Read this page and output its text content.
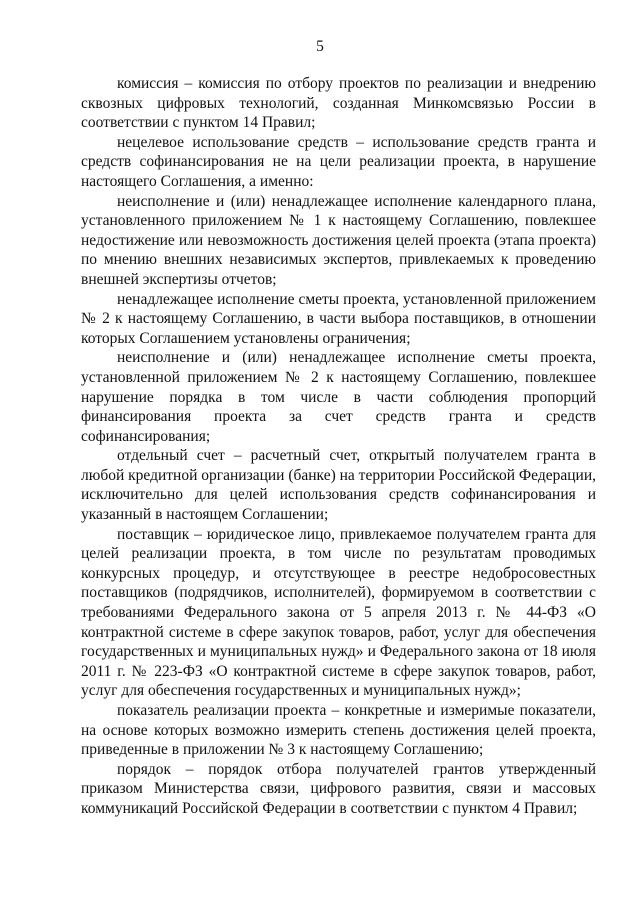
5

комиссия – комиссия по отбору проектов по реализации и внедрению сквозных цифровых технологий, созданная Минкомсвязью России в соответствии с пунктом 14 Правил;

нецелевое использование средств – использование средств гранта и средств софинансирования не на цели реализации проекта, в нарушение настоящего Соглашения, а именно:

неисполнение и (или) ненадлежащее исполнение календарного плана, установленного приложением № 1 к настоящему Соглашению, повлекшее недостижение или невозможность достижения целей проекта (этапа проекта) по мнению внешних независимых экспертов, привлекаемых к проведению внешней экспертизы отчетов;

ненадлежащее исполнение сметы проекта, установленной приложением № 2 к настоящему Соглашению, в части выбора поставщиков, в отношении которых Соглашением установлены ограничения;

неисполнение и (или) ненадлежащее исполнение сметы проекта, установленной приложением № 2 к настоящему Соглашению, повлекшее нарушение порядка в том числе в части соблюдения пропорций финансирования проекта за счет средств гранта и средств софинансирования;

отдельный счет – расчетный счет, открытый получателем гранта в любой кредитной организации (банке) на территории Российской Федерации, исключительно для целей использования средств софинансирования и указанный в настоящем Соглашении;

поставщик – юридическое лицо, привлекаемое получателем гранта для целей реализации проекта, в том числе по результатам проводимых конкурсных процедур, и отсутствующее в реестре недобросовестных поставщиков (подрядчиков, исполнителей), формируемом в соответствии с требованиями Федерального закона от 5 апреля 2013 г. № 44-ФЗ «О контрактной системе в сфере закупок товаров, работ, услуг для обеспечения государственных и муниципальных нужд» и Федерального закона от 18 июля 2011 г. № 223-ФЗ «О контрактной системе в сфере закупок товаров, работ, услуг для обеспечения государственных и муниципальных нужд»;

показатель реализации проекта – конкретные и измеримые показатели, на основе которых возможно измерить степень достижения целей проекта, приведенные в приложении № 3 к настоящему Соглашению;

порядок – порядок отбора получателей грантов утвержденный приказом Министерства связи, цифрового развития, связи и массовых коммуникаций Российской Федерации в соответствии с пунктом 4 Правил;
